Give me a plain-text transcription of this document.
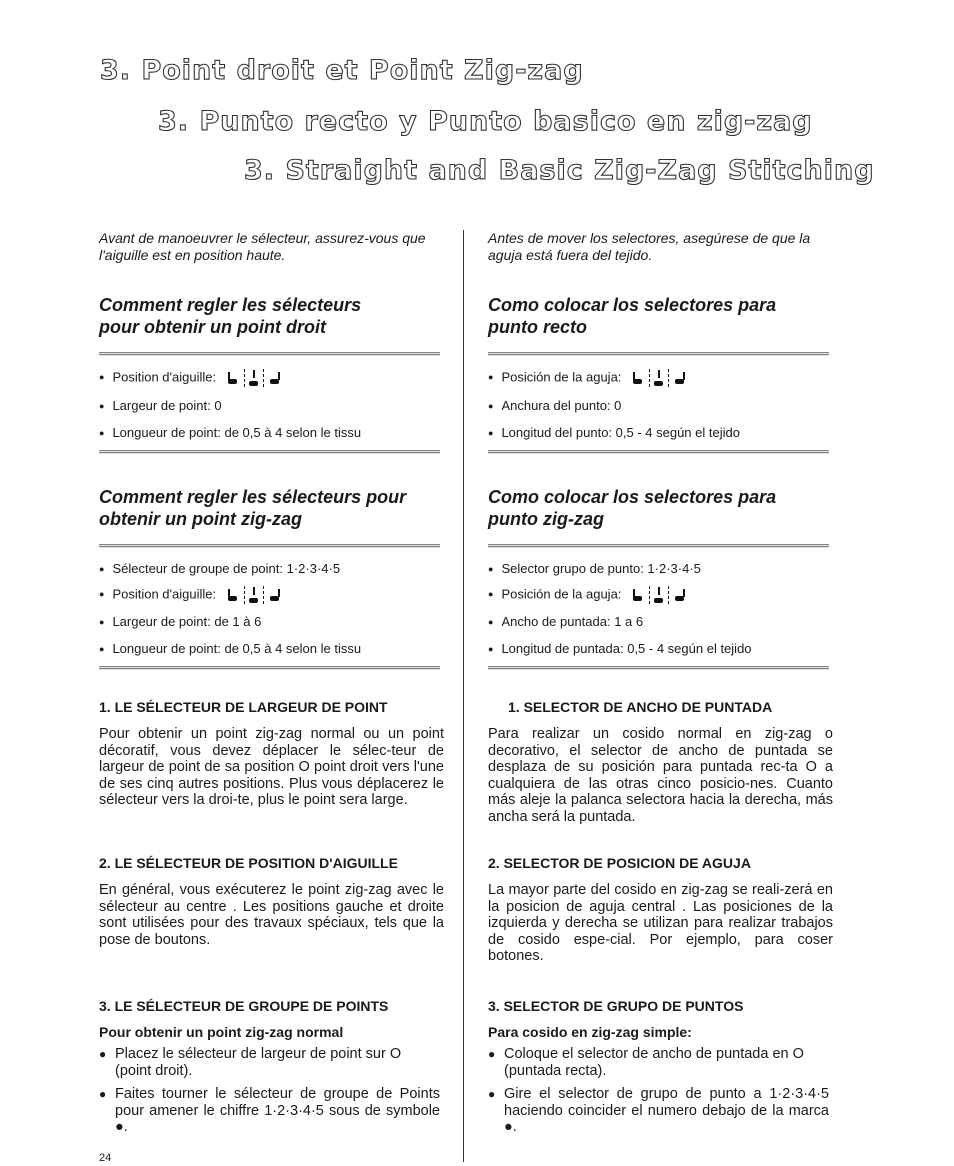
3. Point droit et Point Zig-zag
3. Punto recto y Punto basico en zig-zag
3. Straight and Basic Zig-Zag Stitching
Avant de manoeuvrer le sélecteur, assurez-vous que l'aiguille est en position haute.
Comment regler les sélecteurs pour obtenir un point droit
● Position d'aiguille:
● Largeur de point: 0
● Longueur de point: de 0,5 à 4 selon le tissu
Comment regler les sélecteurs pour obtenir un point zig-zag
● Sélecteur de groupe de point: 1·2·3·4·5
● Position d'aiguille:
● Largeur de point: de 1 à 6
● Longueur de point: de 0,5 à 4 selon le tissu
1. LE SÉLECTEUR DE LARGEUR DE POINT
Pour obtenir un point zig-zag normal ou un point décoratif, vous devez déplacer le sélec-teur de largeur de point de sa position O point droit vers l'une de ses cinq autres positions. Plus vous déplacerez le sélecteur vers la droi-te, plus le point sera large.
2. LE SÉLECTEUR DE POSITION D'AIGUILLE
En général, vous exécuterez le point zig-zag avec le sélecteur au centre . Les positions gauche et droite sont utilisées pour des travaux spéciaux, tels que la pose de boutons.
3. LE SÉLECTEUR DE GROUPE DE POINTS
Pour obtenir un point zig-zag normal
● Placez le sélecteur de largeur de point sur O (point droit).
● Faites tourner le sélecteur de groupe de Points pour amener le chiffre 1·2·3·4·5 sous de symbole ●.
Antes de mover los selectores, asegúrese de que la aguja está fuera del tejido.
Como colocar los selectores para punto recto
● Posición de la aguja:
● Anchura del punto: 0
● Longitud del punto: 0,5 - 4 según el tejido
Como colocar los selectores para punto zig-zag
● Selector grupo de punto: 1·2·3·4·5
● Posición de la aguja:
● Ancho de puntada: 1 a 6
● Longitud de puntada: 0,5 - 4 según el tejido
1. SELECTOR DE ANCHO DE PUNTADA
Para realizar un cosido normal en zig-zag o decorativo, el selector de ancho de puntada se desplaza de su posición para puntada rec-ta O a cualquiera de las otras cinco posicio-nes. Cuanto más aleje la palanca selectora hacia la derecha, más ancha será la puntada.
2. SELECTOR DE POSICION DE AGUJA
La mayor parte del cosido en zig-zag se reali-zerá en la posicion de aguja central . Las posiciones de la izquierda y derecha se utilizan para realizar trabajos de cosido espe-cial. Por ejemplo, para coser botones.
3. SELECTOR DE GRUPO DE PUNTOS
Para cosido en zig-zag simple:
● Coloque el selector de ancho de puntada en O (puntada recta).
● Gire el selector de grupo de punto a 1·2·3·4·5 haciendo coincider el numero debajo de la marca ●.
24
